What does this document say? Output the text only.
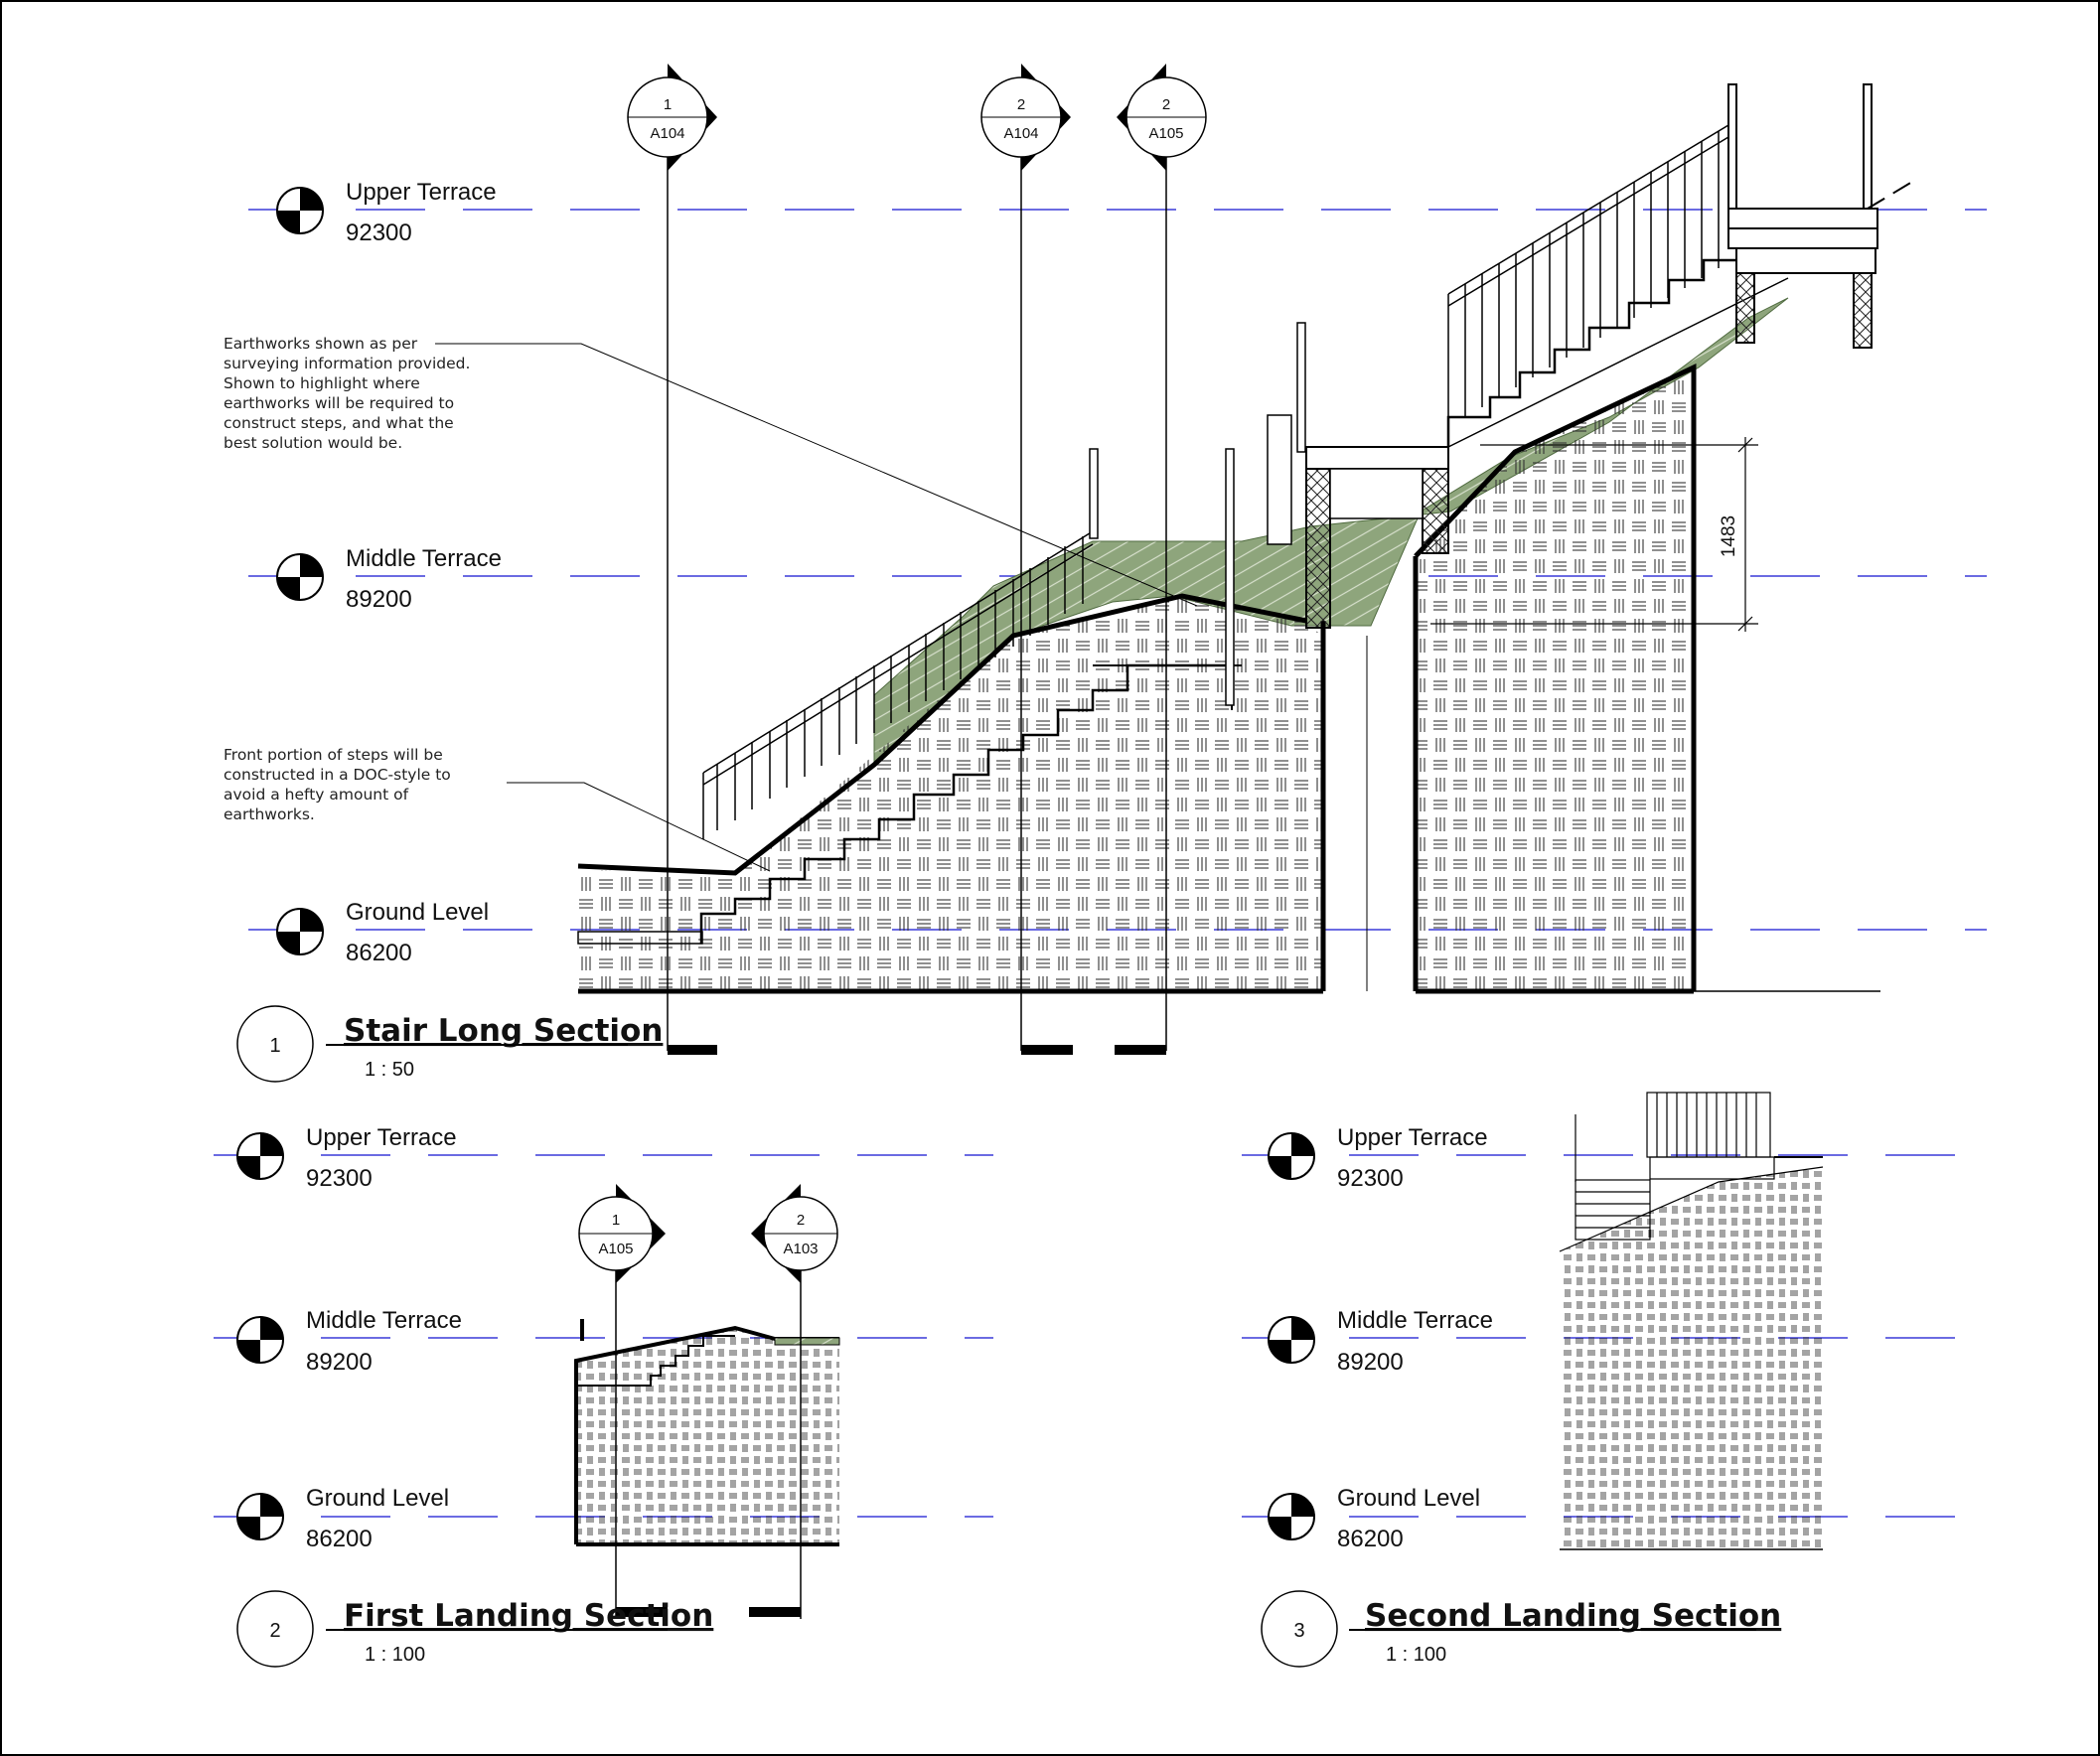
Upper Terrace
92300
Middle Terrace
89200
Ground Level
86200
1483
1
A104
2
A104
2
A105
Earthworks shown as per
surveying information provided.
Shown to highlight where
earthworks will be required to
construct steps, and what the
best solution would be.
Front portion of steps will be
constructed in a DOC-style to
avoid a hefty amount of
earthworks.
1 Stair Long Section
1 : 50
Upper Terrace
92300
Middle Terrace
89200
Ground Level
86200
1
A105
2
A103
2 First Landing Section
1 : 100
Upper Terrace
92300
Middle Terrace
89200
Ground Level
86200
3 Second Landing Section
1 : 100
